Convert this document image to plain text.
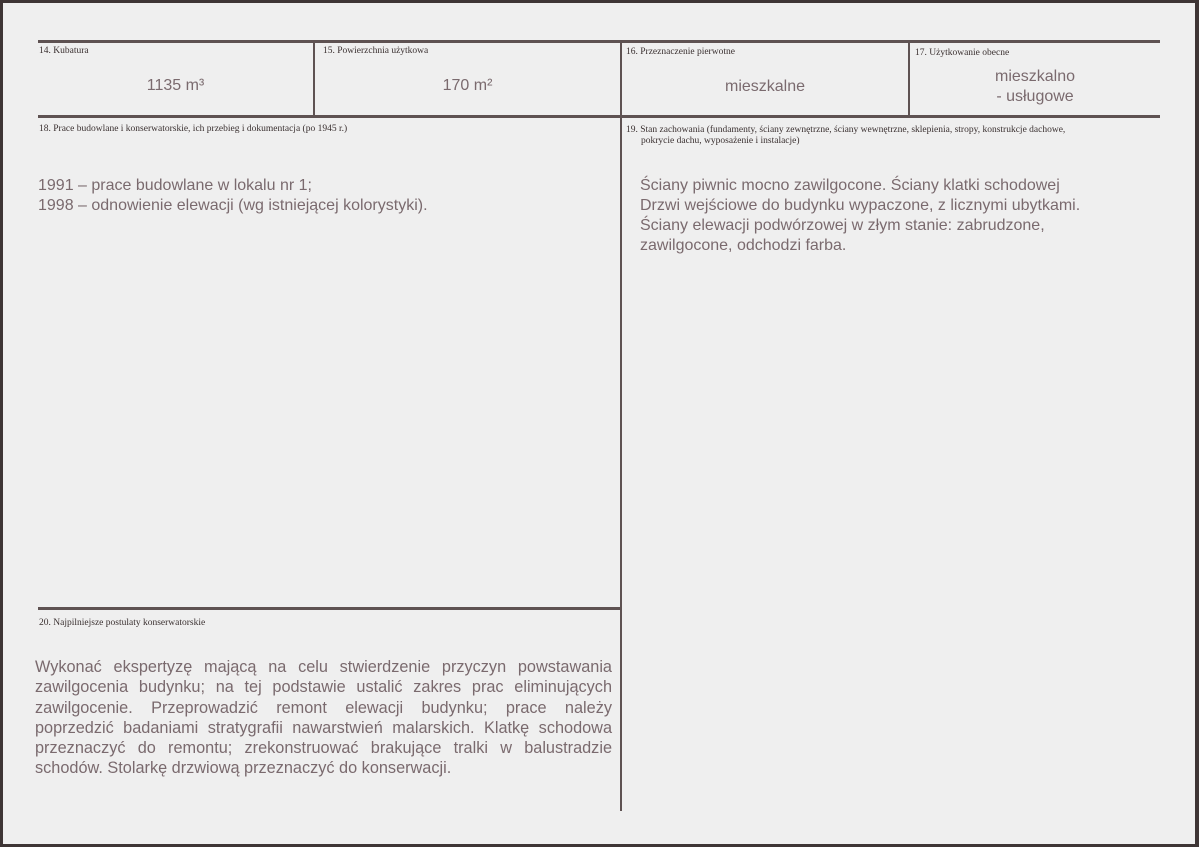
14. Kubatura
1135 m³
15. Powierzchnia użytkowa
170 m²
16. Przeznaczenie pierwotne
mieszkalne
17. Użytkowanie obecne
mieszkalno
- usługowe
18. Prace budowlane i konserwatorskie, ich przebieg i dokumentacja (po 1945 r.)
1991 – prace budowlane w lokalu nr 1;
1998 – odnowienie elewacji (wg istniejącej kolorystyki).
19. Stan zachowania (fundamenty, ściany zewnętrzne, ściany wewnętrzne, sklepienia, stropy, konstrukcje dachowe,
pokrycie dachu, wyposażenie i instalacje)
Ściany piwnic mocno zawilgocone. Ściany klatki schodowej
Drzwi wejściowe do budynku wypaczone, z licznymi ubytkami.
Ściany elewacji podwórzowej w złym stanie: zabrudzone,
zawilgocone, odchodzi farba.
20. Najpilniejsze postulaty konserwatorskie
Wykonać ekspertyzę mającą na celu stwierdzenie przyczyn powstawania zawilgocenia budynku; na tej podstawie ustalić zakres prac eliminujących zawilgocenie. Przeprowadzić remont elewacji budynku; prace należy poprzedzić badaniami stratygrafii nawarstwień malarskich. Klatkę schodowa przeznaczyć do remontu; zrekonstruować brakujące tralki w balustradzie schodów. Stolarkę drzwiową przeznaczyć do konserwacji.
